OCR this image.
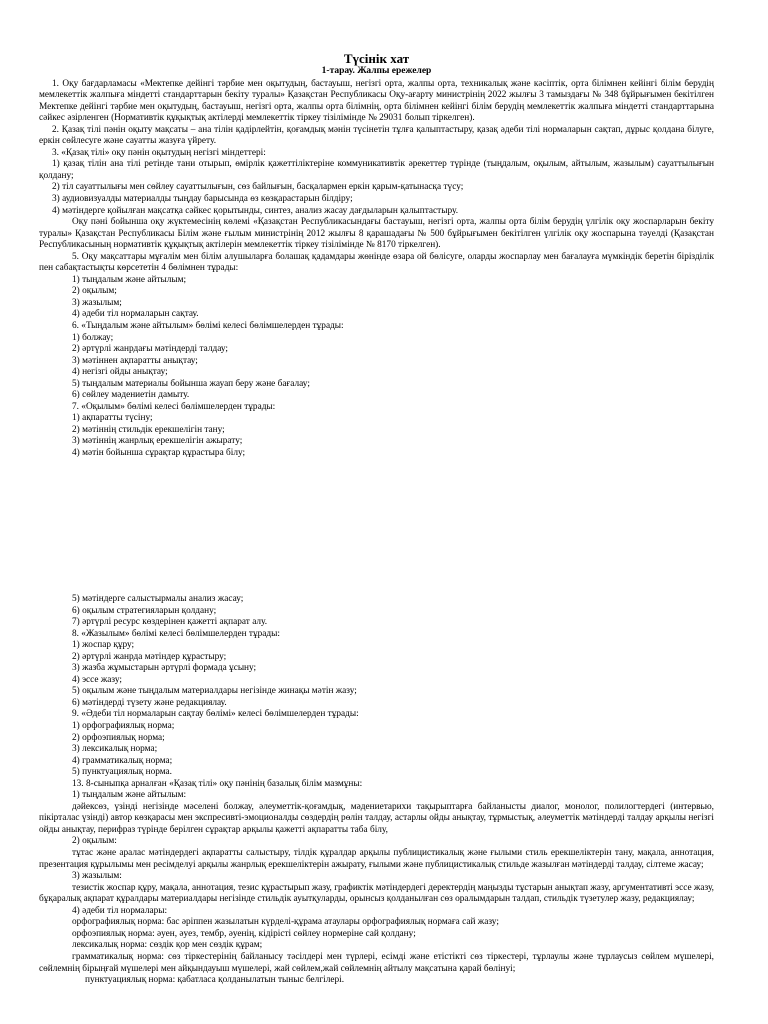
Түсінік хат
1-тарау. Жалпы ережелер

1. Оқу бағдарламасы «Мектепке дейінгі тәрбие мен оқытудың, бастауыш, негізгі орта, жалпы орта, техникалық және кәсіптік, орта білімнен кейінгі білім берудің мемлекеттік жалпыға міндетті стандарттарын бекіту туралы» Қазақстан Республикасы Оқу-ағарту министрінің 2022 жылғы 3 тамыздағы № 348 бұйрығымен бекітілген Мектепке дейінгі тәрбие мен оқытудың, бастауыш, негізгі орта, жалпы орта білімнің, орта білімнен кейінгі білім берудің мемлекеттік жалпыға міндетті стандарттарына сәйкес әзірленген (Нормативтік құқықтық актілерді мемлекеттік тіркеу тізілімінде № 29031 болып тіркелген).

2. Қазақ тілі пәнін оқыту мақсаты – ана тілін қадірлейтін, қоғамдық мәнін түсінетін тұлға қалыптастыру, қазақ әдеби тілі нормаларын сақтап, дұрыс қолдана білуге, еркін сөйлесуге және сауатты жазуға үйрету.

3. «Қазақ тілі» оқу пәнін оқытудың негізгі міндеттері:

1) қазақ тілін ана тілі ретінде тани отырып, өмірлік қажеттіліктеріне коммуникативтік әрекеттер түрінде (тыңдалым, оқылым, айтылым, жазылым) сауаттылығын қолдану;

2) тіл сауаттылығы мен сөйлеу сауаттылығын, сөз байлығын, басқалармен еркін қарым-қатынасқа түсу;

3) аудиовизуалды материалды тыңдау барысында өз көзқарастарын білдіру;

4) мәтіндерге қойылған мақсатқа сәйкес қорытынды, синтез, анализ жасау дағдыларын қалыптастыру.

Оқу пәні бойынша оқу жүктемесінің көлемі «Қазақстан Республикасындағы бастауыш, негізгі орта, жалпы орта білім берудің үлгілік оқу жоспарларын бекіту туралы» Қазақстан Республикасы Білім және ғылым министрінің 2012 жылғы 8 қарашадағы № 500 бұйрығымен бекітілген үлгілік оқу жоспарына тәуелді (Қазақстан Республикасының нормативтік құқықтық актілерін мемлекеттік тіркеу тізілімінде № 8170 тіркелген).

5. Оқу мақсаттары мұғалім мен білім алушыларға болашақ қадамдары жөнінде өзара ой бөлісуге, оларды жоспарлау мен бағалауға мүмкіндік беретін бірізділік пен сабақтастықты көрсететін 4 бөлімнен тұрады:

1) тыңдалым және айтылым;

2) оқылым;

3) жазылым;

4) әдеби тіл нормаларын сақтау.

6. «Тыңдалым және айтылым» бөлімі келесі бөлімшелерден тұрады:

1) болжау;

2) әртүрлі жанрдағы мәтіндерді талдау;

3) мәтіннен ақпаратты анықтау;

4) негізгі ойды анықтау;

5) тыңдалым материалы бойынша жауап беру және бағалау;

6) сөйлеу мәдениетін дамыту.

7. «Оқылым» бөлімі келесі бөлімшелерден тұрады:

1) ақпаратты түсіну;

2) мәтіннің стильдік ерекшелігін тану;

3) мәтіннің жанрлық ерекшелігін ажырату;

4) мәтін бойынша сұрақтар құрастыра білу;

5) мәтіндерге салыстырмалы анализ жасау;

6) оқылым стратегияларын қолдану;

7) әртүрлі ресурс көздерінен қажетті ақпарат алу.

8. «Жазылым» бөлімі келесі бөлімшелерден тұрады:

1) жоспар құру;

2) әртүрлі жанрда мәтіндер құрастыру;

3) жазба жұмыстарын әртүрлі формада ұсыну;

4) эссе жазу;

5) оқылым және тыңдалым материалдары негізінде жинақы мәтін жазу;

6) мәтіндерді түзету және редакциялау.

9. «Әдеби тіл нормаларын сақтау бөлімі» келесі бөлімшелерден тұрады:

1) орфографиялық норма;

2) орфоэпиялық норма;

3) лексикалық норма;

4) грамматикалық норма;

5) пунктуациялық норма.

13. 8-сыныпқа арналған «Қазақ тілі» оқу пәнінің базалық білім мазмұны:

1) тыңдалым және айтылым:

дәйексөз, үзінді негізінде мәселені болжау, әлеуметтік-қоғамдық, мәдениетарихи тақырыптарға байланысты диалог, монолог, полилогтердегі (интервью, пікірталас үзінді) автор көзқарасы мен экспресивті-эмоционалды сөздердің рөлін талдау, астарлы ойды анықтау, тұрмыстық, әлеуметтік мәтіндерді талдау арқылы негізгі ойды анықтау, перифраз түрінде берілген сұрақтар арқылы қажетті ақпаратты таба білу,

2) оқылым:

тұтас және аралас мәтіндердегі ақпаратты салыстыру, тілдік құралдар арқылы публицистикалық және ғылыми стиль ерекшеліктерін тану, мақала, аннотация, презентация құрылымы мен ресімделуі арқылы жанрлық ерекшеліктерін ажырату, ғылыми және публицистикалық стильде жазылған мәтіндерді талдау, сілтеме жасау;

3) жазылым:

тезистік жоспар құру, мақала, аннотация, тезис құрастырып жазу, графиктік мәтіндердегі деректердің маңызды тұстарын анықтап жазу, аргументативті эссе жазу, бұқаралық ақпарат құралдары материалдары негізінде стильдік ауытқуларды, орынсыз қолданылған сөз оралымдарын талдап, стильдік түзетулер жазу, редакциялау;

4) әдеби тіл нормалары:

орфографиялық норма: бас әріппен жазылатын күрделі-құрама атаулары орфографиялық нормаға сай жазу;

орфоэпиялық норма: әуен, әуез, тембр, әуенің, кідірісті сөйлеу нормеріне сай қолдану;

лексикалық норма: сөздік қор мен сөздік құрам;

грамматикалық норма: сөз тіркестерінің байланысу тәсілдері мен түрлері, есімді және етістікті сөз тіркестері, тұрлаулы және тұрлаусыз сөйлем мүшелері, сөйлемнің бірыңғай мүшелері мен айқындауыш мүшелері, жай сөйлем,жай сөйлемнің айтылу мақсатына қарай бөлінуі;

пунктуациялық норма: қабатласа қолданылатын тыныс белгілері.
